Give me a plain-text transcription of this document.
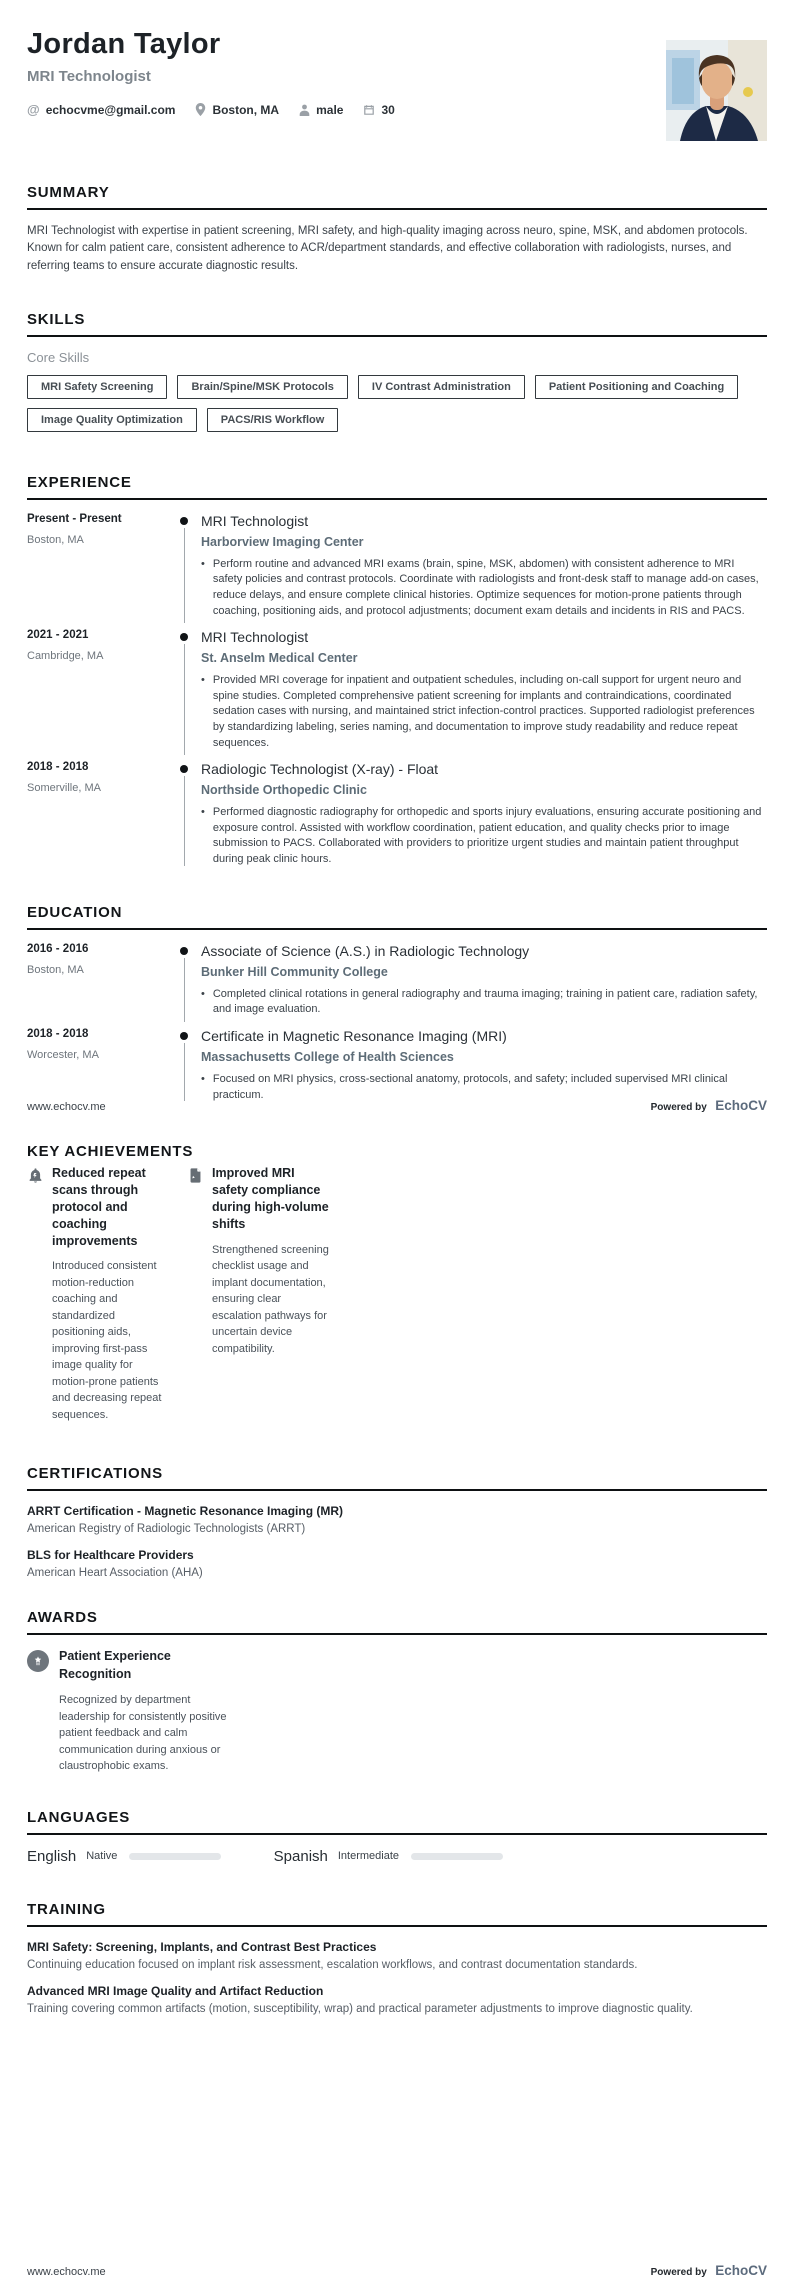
Jordan Taylor
MRI Technologist
@ echocvme@gmail.com	Boston, MA	male	30
SUMMARY
MRI Technologist with expertise in patient screening, MRI safety, and high-quality imaging across neuro, spine, MSK, and abdomen protocols. Known for calm patient care, consistent adherence to ACR/department standards, and effective collaboration with radiologists, nurses, and referring teams to ensure accurate diagnostic results.
SKILLS
Core Skills
MRI Safety Screening	Brain/Spine/MSK Protocols	IV Contrast Administration	Patient Positioning and Coaching
Image Quality Optimization	PACS/RIS Workflow
EXPERIENCE
Present - Present
Boston, MA
MRI Technologist
Harborview Imaging Center
• Perform routine and advanced MRI exams (brain, spine, MSK, abdomen) with consistent adherence to MRI safety policies and contrast protocols. Coordinate with radiologists and front-desk staff to manage add-on cases, reduce delays, and ensure complete clinical histories. Optimize sequences for motion-prone patients through coaching, positioning aids, and protocol adjustments; document exam details and incidents in RIS and PACS.
2021 - 2021
Cambridge, MA
MRI Technologist
St. Anselm Medical Center
• Provided MRI coverage for inpatient and outpatient schedules, including on-call support for urgent neuro and spine studies. Completed comprehensive patient screening for implants and contraindications, coordinated sedation cases with nursing, and maintained strict infection-control practices. Supported radiologist preferences by standardizing labeling, series naming, and documentation to improve study readability and reduce repeat sequences.
2018 - 2018
Somerville, MA
Radiologic Technologist (X-ray) - Float
Northside Orthopedic Clinic
• Performed diagnostic radiography for orthopedic and sports injury evaluations, ensuring accurate positioning and exposure control. Assisted with workflow coordination, patient education, and quality checks prior to image submission to PACS. Collaborated with providers to prioritize urgent studies and maintain patient throughput during peak clinic hours.
EDUCATION
2016 - 2016
Boston, MA
Associate of Science (A.S.) in Radiologic Technology
Bunker Hill Community College
• Completed clinical rotations in general radiography and trauma imaging; training in patient care, radiation safety, and image evaluation.
2018 - 2018
Worcester, MA
Certificate in Magnetic Resonance Imaging (MRI)
Massachusetts College of Health Sciences
• Focused on MRI physics, cross-sectional anatomy, protocols, and safety; included supervised MRI clinical practicum.
KEY ACHIEVEMENTS
www.echocv.me	Powered by EchoCV
Reduced repeat scans through protocol and coaching improvements
Introduced consistent motion-reduction coaching and standardized positioning aids, improving first-pass image quality for motion-prone patients and decreasing repeat sequences.
Improved MRI safety compliance during high-volume shifts
Strengthened screening checklist usage and implant documentation, ensuring clear escalation pathways for uncertain device compatibility.
CERTIFICATIONS
ARRT Certification - Magnetic Resonance Imaging (MR)
American Registry of Radiologic Technologists (ARRT)
BLS for Healthcare Providers
American Heart Association (AHA)
AWARDS
Patient Experience Recognition
Recognized by department leadership for consistently positive patient feedback and calm communication during anxious or claustrophobic exams.
LANGUAGES
English Native	Spanish Intermediate
TRAINING
MRI Safety: Screening, Implants, and Contrast Best Practices
Continuing education focused on implant risk assessment, escalation workflows, and contrast documentation standards.
Advanced MRI Image Quality and Artifact Reduction
Training covering common artifacts (motion, susceptibility, wrap) and practical parameter adjustments to improve diagnostic quality.
www.echocv.me	Powered by EchoCV
